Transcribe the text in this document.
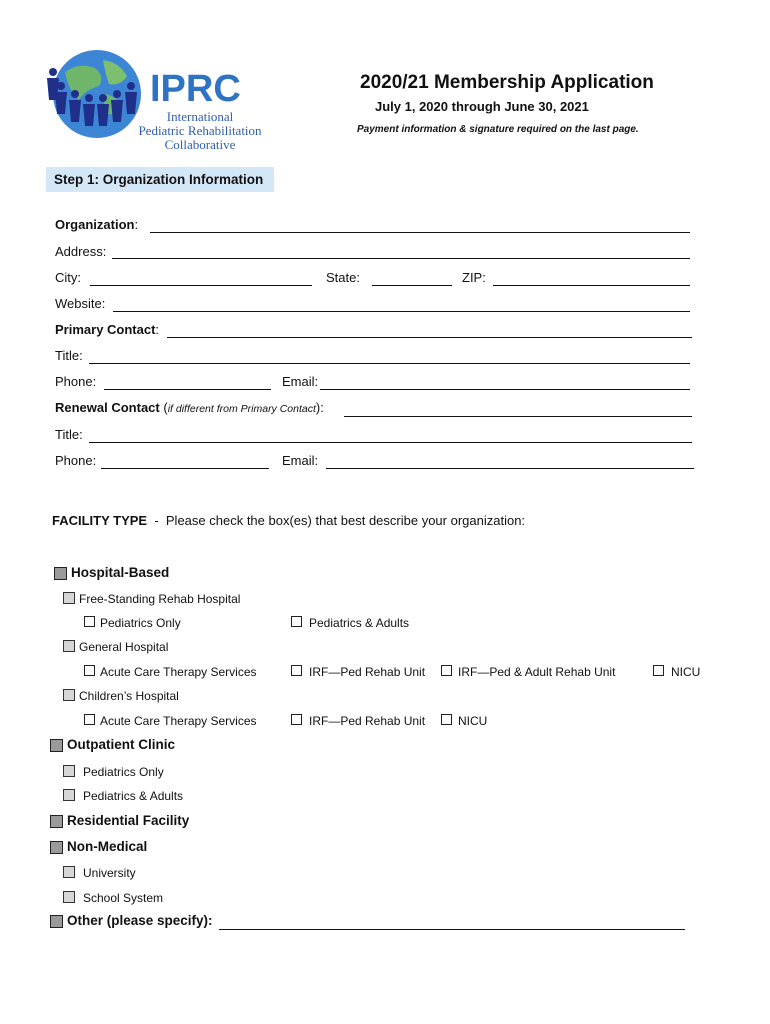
IPRC
International
Pediatric Rehabilitation
Collaborative
2020/21 Membership Application
July 1, 2020 through June 30, 2021
Payment information & signature required on the last page.
Step 1: Organization Information
Organization:
Address:
City:	State:	ZIP:
Website:
Primary Contact:
Title:
Phone:	Email:
Renewal Contact (if different from Primary Contact):
Title:
Phone:	Email:
FACILITY TYPE  -  Please check the box(es) that best describe your organization:
Hospital-Based
Free-Standing Rehab Hospital
Pediatrics Only	Pediatrics & Adults
General Hospital
Acute Care Therapy Services	IRF—Ped Rehab Unit	IRF—Ped & Adult Rehab Unit	NICU
Children’s Hospital
Acute Care Therapy Services	IRF—Ped Rehab Unit	NICU
Outpatient Clinic
Pediatrics Only
Pediatrics & Adults
Residential Facility
Non-Medical
University
School System
Other (please specify):
